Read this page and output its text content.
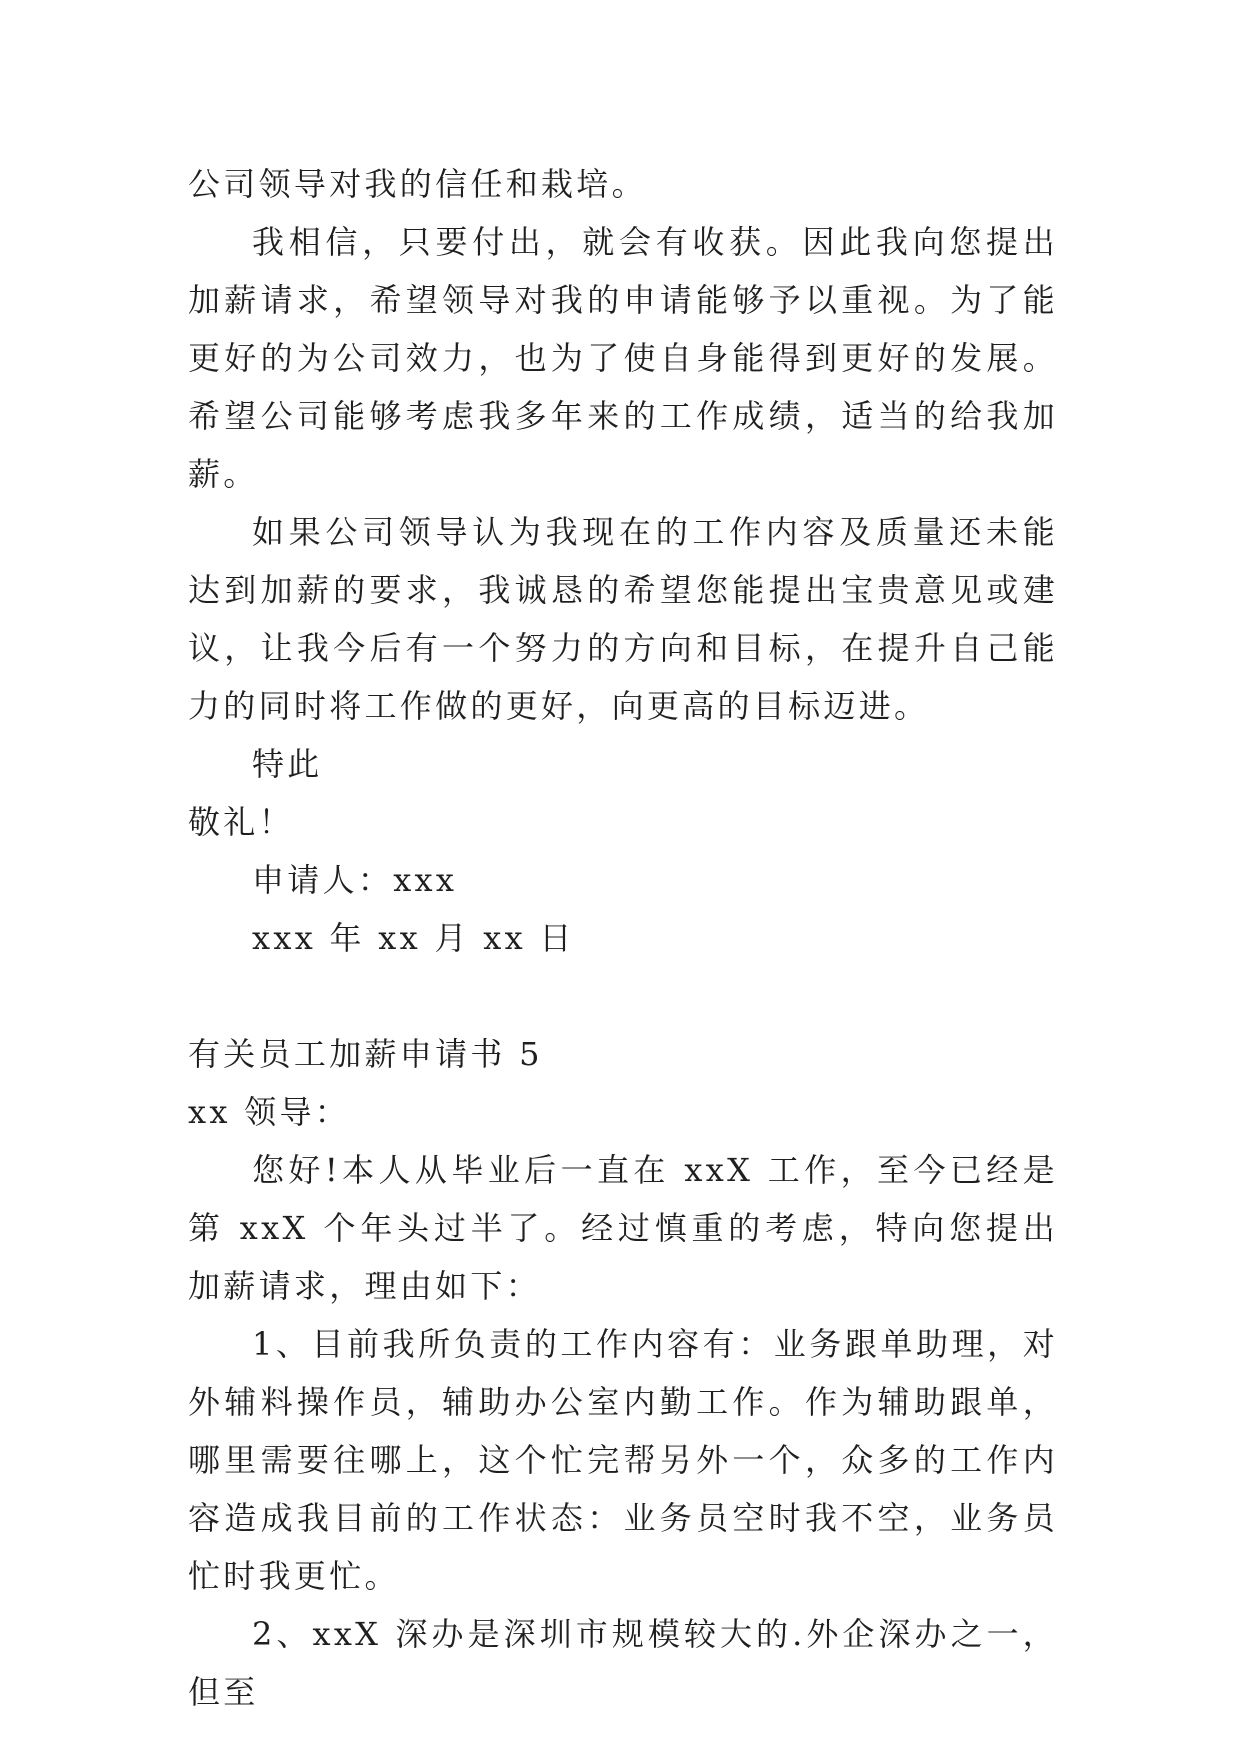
公司领导对我的信任和栽培。

我相信，只要付出，就会有收获。因此我向您提出加薪请求，希望领导对我的申请能够予以重视。为了能更好的为公司效力，也为了使自身能得到更好的发展。希望公司能够考虑我多年来的工作成绩，适当的给我加薪。

如果公司领导认为我现在的工作内容及质量还未能达到加薪的要求，我诚恳的希望您能提出宝贵意见或建议，让我今后有一个努力的方向和目标，在提升自己能力的同时将工作做的更好，向更高的目标迈进。

特此

敬礼！

申请人：xxx

xxx 年 xx 月 xx 日

有关员工加薪申请书 5

xx 领导：

您好!本人从毕业后一直在 xxX 工作，至今已经是第 xxX 个年头过半了。经过慎重的考虑，特向您提出加薪请求，理由如下：

1、目前我所负责的工作内容有：业务跟单助理，对外辅料操作员，辅助办公室内勤工作。作为辅助跟单，哪里需要往哪上，这个忙完帮另外一个，众多的工作内容造成我目前的工作状态：业务员空时我不空，业务员忙时我更忙。

2、xxX 深办是深圳市规模较大的.外企深办之一，但至
